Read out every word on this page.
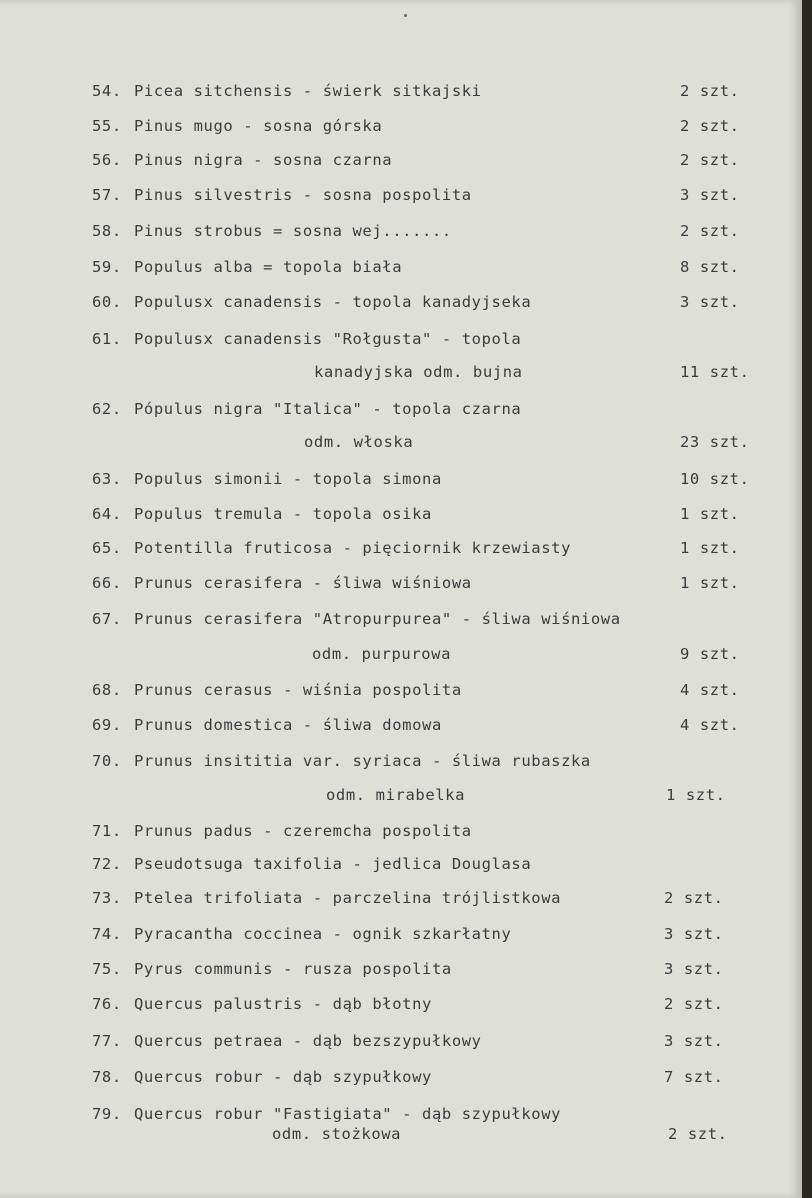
54. Picea sitchensis - świerk sitkajski	2 szt.
55. Pinus mugo - sosna górska	2 szt.
56. Pinus nigra - sosna czarna	2 szt.
57. Pinus silvestris - sosna pospolita	3 szt.
58. Pinus strobus = sosna wej.......	2 szt.
59. Populus alba = topola biała	8 szt.
60. Populusx canadensis - topola kanadyjseka	3 szt.
61. Populusx canadensis "Rołgusta" - topola
kanadyjska odm. bujna	11 szt.
62. Pópulus nigra "Italica" - topola czarna
odm. włoska	23 szt.
63. Populus simonii - topola simona	10 szt.
64. Populus tremula - topola osika	1 szt.
65. Potentilla fruticosa - pięciornik krzewiasty	1 szt.
66. Prunus cerasifera - śliwa wiśniowa	1 szt.
67. Prunus cerasifera "Atropurpurea" - śliwa wiśniowa
odm. purpurowa	9 szt.
68. Prunus cerasus - wiśnia pospolita	4 szt.
69. Prunus domestica - śliwa domowa	4 szt.
70. Prunus insititia var. syriaca - śliwa rubaszka
odm. mirabelka	1 szt.
71. Prunus padus - czeremcha pospolita
72. Pseudotsuga taxifolia - jedlica Douglasa
73. Ptelea trifoliata - parczelina trójlistkowa	2 szt.
74. Pyracantha coccinea - ognik szkarłatny	3 szt.
75. Pyrus communis - rusza pospolita	3 szt.
76. Quercus palustris - dąb błotny	2 szt.
77. Quercus petraea - dąb bezszypułkowy	3 szt.
78. Quercus robur - dąb szypułkowy	7 szt.
79. Quercus robur "Fastigiata" - dąb szypułkowy
odm. stożkowa	2 szt.
